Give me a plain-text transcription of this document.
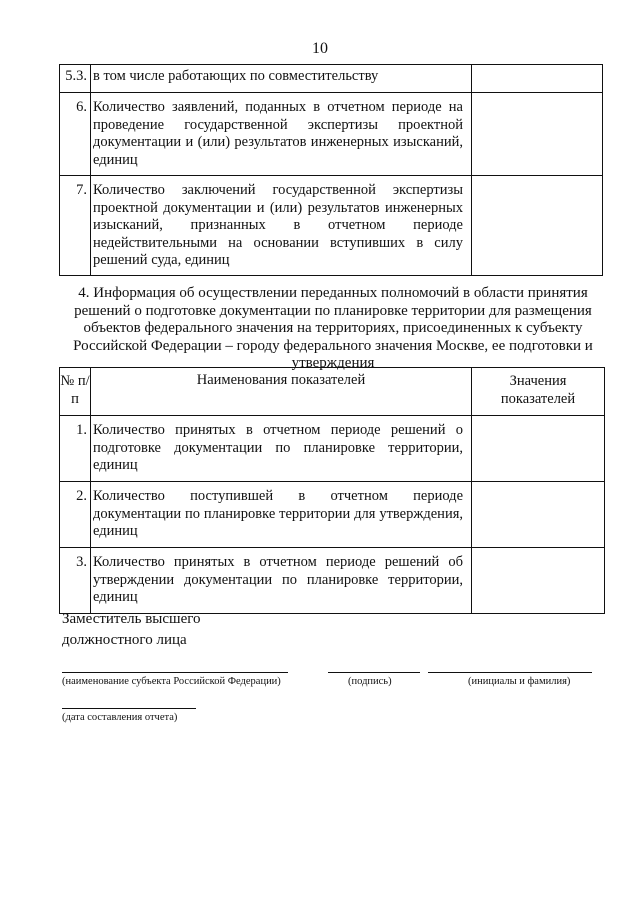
10
5.3.	в том числе работающих по совместительству	
6.	Количество заявлений, поданных в отчетном периоде на проведение государственной экспертизы проектной документации и (или) результатов инженерных изысканий, единиц	
7.	Количество заключений государственной экспертизы проектной документации и (или) результатов инженерных изысканий, признанных в отчетном периоде недействительными на основании вступивших в силу решений суда, единиц	
4. Информация об осуществлении переданных полномочий в области принятия решений о подготовке документации по планировке территории для размещения объектов федерального значения на территориях, присоединенных к субъекту Российской Федерации – городу федерального значения Москве, ее подготовки и утверждения
№ п/п	Наименования показателей	Значения показателей
1.	Количество принятых в отчетном периоде решений о подготовке документации по планировке территории, единиц	
2.	Количество поступившей в отчетном периоде документации по планировке территории для утверждения, единиц	
3.	Количество принятых в отчетном периоде решений об утверждении документации по планировке территории, единиц	
Заместитель высшего
должностного лица
(наименование субъекта Российской Федерации)	(подпись)	(инициалы и фамилия)
(дата составления отчета)
